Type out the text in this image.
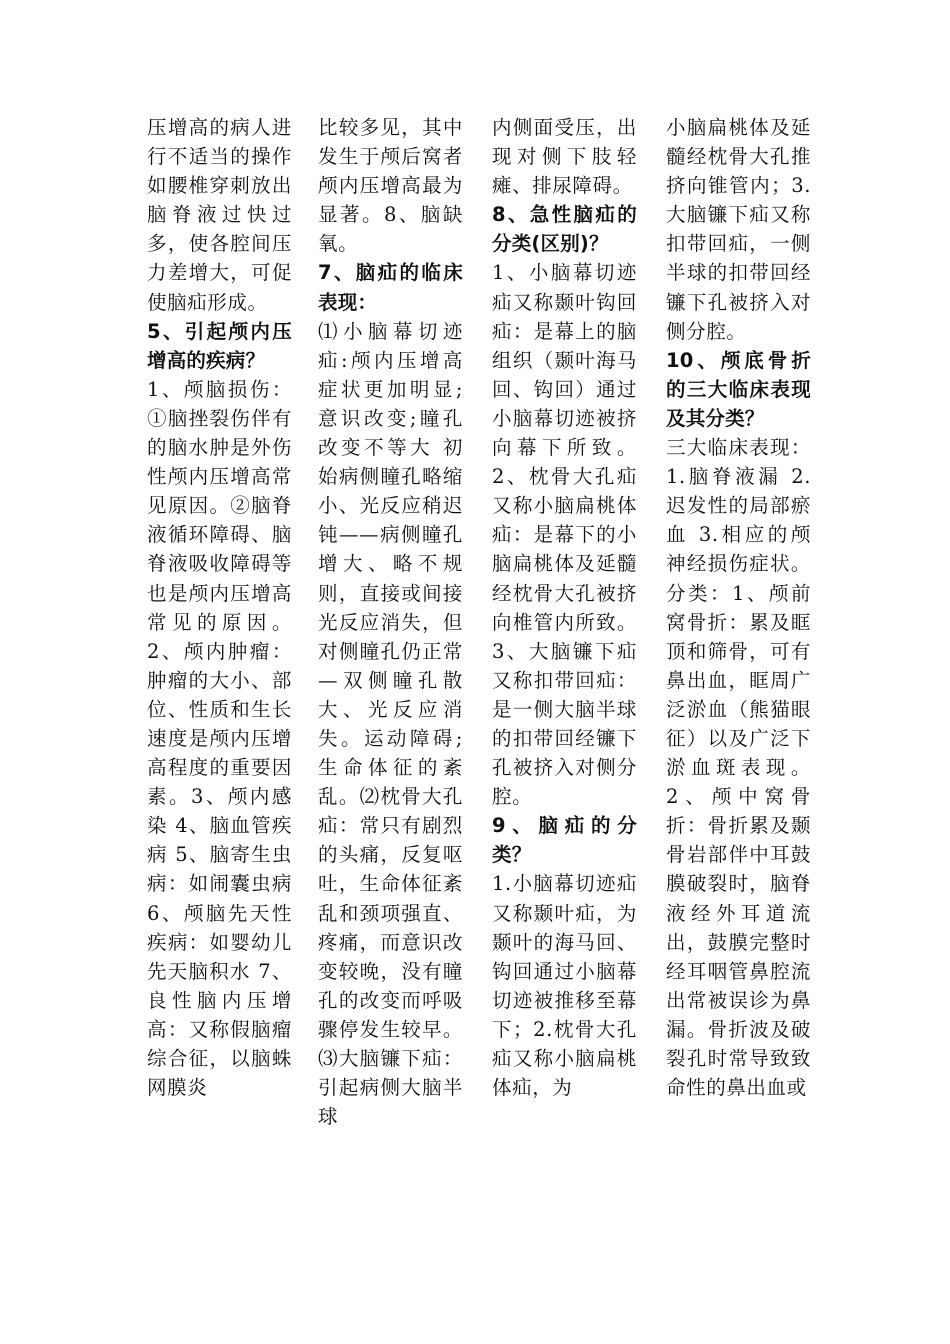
压增高的病人进行不适当的操作如腰椎穿刺放出脑脊液过快过多，使各腔间压力差增大，可促使脑疝形成。
5、引起颅内压增高的疾病？
1、颅脑损伤：①脑挫裂伤伴有的脑水肿是外伤性颅内压增高常见原因。②脑脊液循环障碍、脑脊液吸收障碍等也是颅内压增高常见的原因。2、颅内肿瘤：肿瘤的大小、部位、性质和生长速度是颅内压增高程度的重要因素。3、颅内感染 4、脑血管疾病 5、脑寄生虫病：如闹囊虫病 6、颅脑先天性疾病：如婴幼儿先天脑积水 7、良性脑内压增高：又称假脑瘤综合征，以脑蛛网膜炎
比较多见，其中发生于颅后窝者颅内压增高最为显著。8、脑缺氧。
7、脑疝的临床表现：
⑴小脑幕切迹疝:颅内压增高症状更加明显;意识改变;瞳孔改变不等大 初始病侧瞳孔略缩小、光反应稍迟钝——病侧瞳孔增大、略不规则，直接或间接光反应消失，但对侧瞳孔仍正常—双侧瞳孔散大、光反应消失。运动障碍;生命体征的紊乱。⑵枕骨大孔疝：常只有剧烈的头痛，反复呕吐，生命体征紊乱和颈项强直、疼痛，而意识改变较晚，没有瞳孔的改变而呼吸骤停发生较早。⑶大脑镰下疝：引起病侧大脑半球
内侧面受压，出现对侧下肢轻瘫、排尿障碍。
8、急性脑疝的分类(区别)？
1、小脑幕切迹疝又称颞叶钩回疝：是幕上的脑组织（颞叶海马回、钩回）通过小脑幕切迹被挤向幕下所致。 2、枕骨大孔疝又称小脑扁桃体疝：是幕下的小脑扁桃体及延髓经枕骨大孔被挤向椎管内所致。 3、大脑镰下疝又称扣带回疝：是一侧大脑半球的扣带回经镰下孔被挤入对侧分腔。
9、脑疝的分类？
1.小脑幕切迹疝又称颞叶疝，为颞叶的海马回、钩回通过小脑幕切迹被推移至幕下；2.枕骨大孔疝又称小脑扁桃体疝，为
小脑扁桃体及延髓经枕骨大孔推挤向锥管内；3.大脑镰下疝又称扣带回疝，一侧半球的扣带回经镰下孔被挤入对侧分腔。
10、颅底骨折的三大临床表现及其分类？
三大临床表现：1.脑脊液漏 2.迟发性的局部瘀血 3.相应的颅神经损伤症状。分类：1、颅前窝骨折：累及眶顶和筛骨，可有鼻出血，眶周广泛淤血（熊猫眼征）以及广泛下淤血斑表现。2、颅中窝骨折：骨折累及颞骨岩部伴中耳鼓膜破裂时，脑脊液经外耳道流出，鼓膜完整时经耳咽管鼻腔流出常被误诊为鼻漏。骨折波及破裂孔时常导致致命性的鼻出血或
